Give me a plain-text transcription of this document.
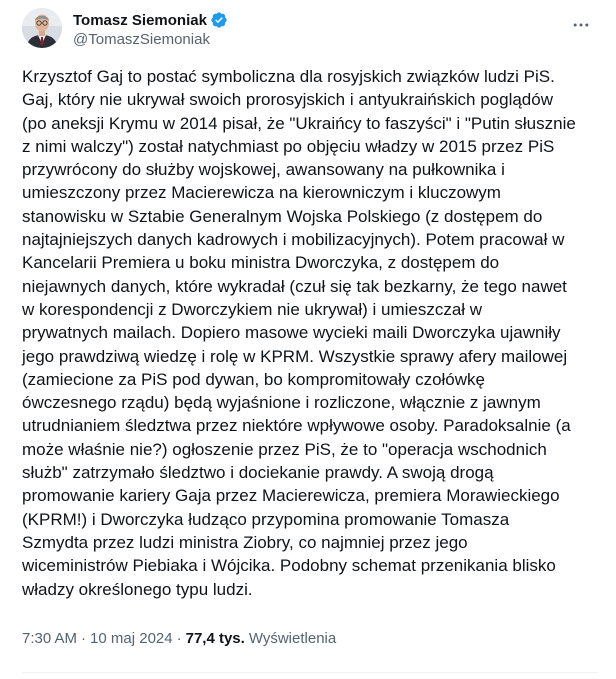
Tomasz Siemoniak
@TomaszSiemoniak
Krzysztof Gaj to postać symboliczna dla rosyjskich związków ludzi PiS.
Gaj, który nie ukrywał swoich prorosyjskich i antyukraińskich poglądów
(po aneksji Krymu w 2014 pisał, że "Ukraińcy to faszyści" i "Putin słusznie
z nimi walczy") został natychmiast po objęciu władzy w 2015 przez PiS
przywrócony do służby wojskowej, awansowany na pułkownika i
umieszczony przez Macierewicza na kierowniczym i kluczowym
stanowisku w Sztabie Generalnym Wojska Polskiego (z dostępem do
najtajniejszych danych kadrowych i mobilizacyjnych). Potem pracował w
Kancelarii Premiera u boku ministra Dworczyka, z dostępem do
niejawnych danych, które wykradał (czuł się tak bezkarny, że tego nawet
w korespondencji z Dworczykiem nie ukrywał) i umieszczał w
prywatnych mailach. Dopiero masowe wycieki maili Dworczyka ujawniły
jego prawdziwą wiedzę i rolę w KPRM. Wszystkie sprawy afery mailowej
(zamiecione za PiS pod dywan, bo kompromitowały czołówkę
ówczesnego rządu) będą wyjaśnione i rozliczone, włącznie z jawnym
utrudnianiem śledztwa przez niektóre wpływowe osoby. Paradoksalnie (a
może właśnie nie?) ogłoszenie przez PiS, że to "operacja wschodnich
służb" zatrzymało śledztwo i dociekanie prawdy. A swoją drogą
promowanie kariery Gaja przez Macierewicza, premiera Morawieckiego
(KPRM!) i Dworczyka łudząco przypomina promowanie Tomasza
Szmydta przez ludzi ministra Ziobry, co najmniej przez jego
wiceministrów Piebiaka i Wójcika. Podobny schemat przenikania blisko
władzy określonego typu ludzi.
7:30 AM · 10 maj 2024 · 77,4 tys. Wyświetlenia
